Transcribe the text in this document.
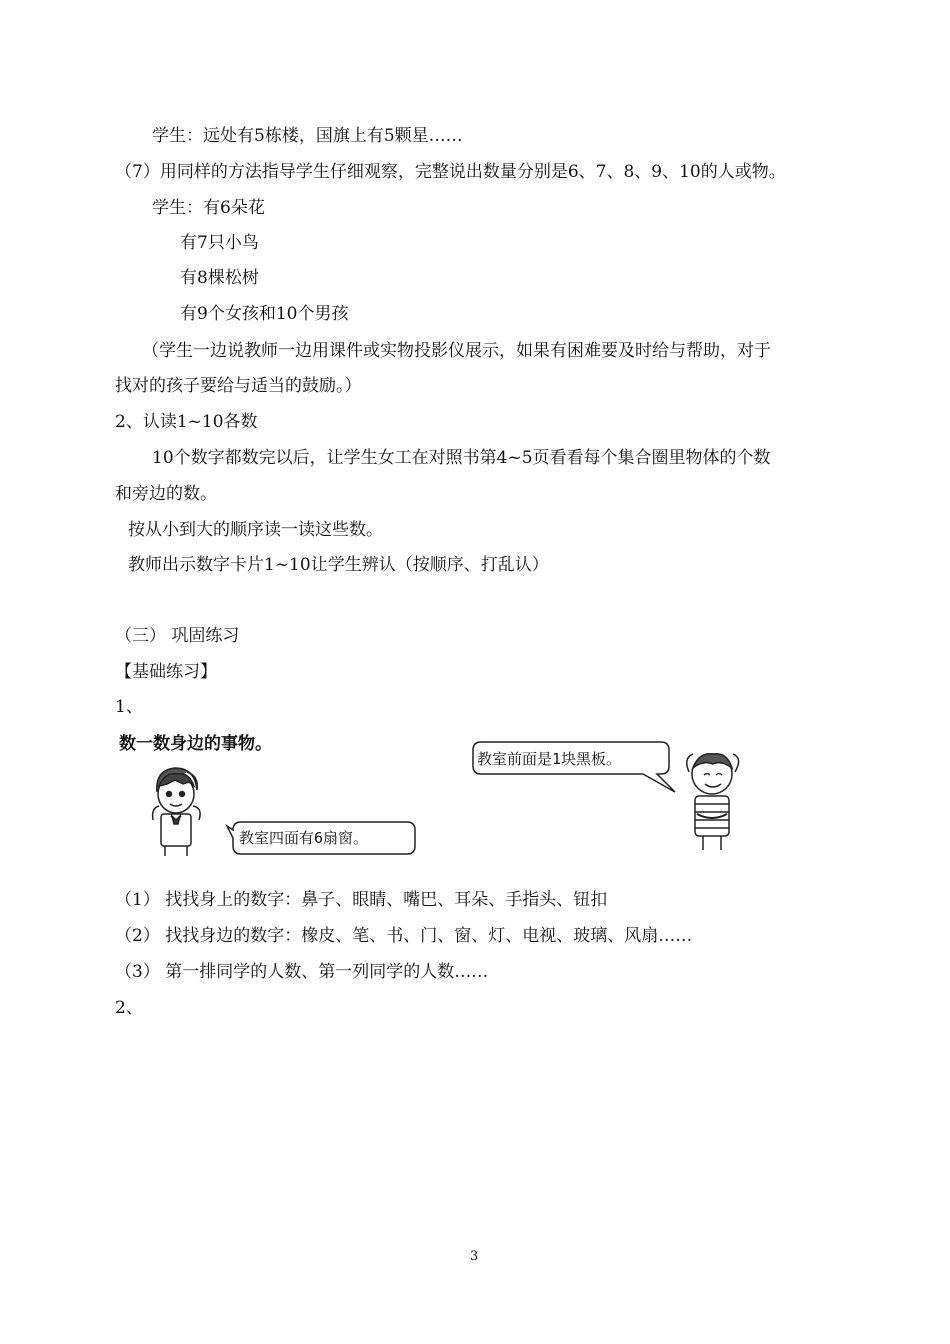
学生：远处有5栋楼，国旗上有5颗星……
（7）用同样的方法指导学生仔细观察，完整说出数量分别是6、7、8、9、10的人或物。
学生：有6朵花
有7只小鸟
有8棵松树
有9个女孩和10个男孩
（学生一边说教师一边用课件或实物投影仪展示，如果有困难要及时给与帮助，对于
找对的孩子要给与适当的鼓励。）
2、认读1~10各数
10个数字都数完以后，让学生女工在对照书第4~5页看看每个集合圈里物体的个数
和旁边的数。
按从小到大的顺序读一读这些数。
教师出示数字卡片1~10让学生辨认（按顺序、打乱认）
（三） 巩固练习
【基础练习】
1、
数一数身边的事物。
教室前面是1块黑板。
教室四面有6扇窗。
（1） 找找身上的数字：鼻子、眼睛、嘴巴、耳朵、手指头、钮扣
（2） 找找身边的数字：橡皮、笔、书、门、窗、灯、电视、玻璃、风扇……
（3） 第一排同学的人数、第一列同学的人数……
2、
3
